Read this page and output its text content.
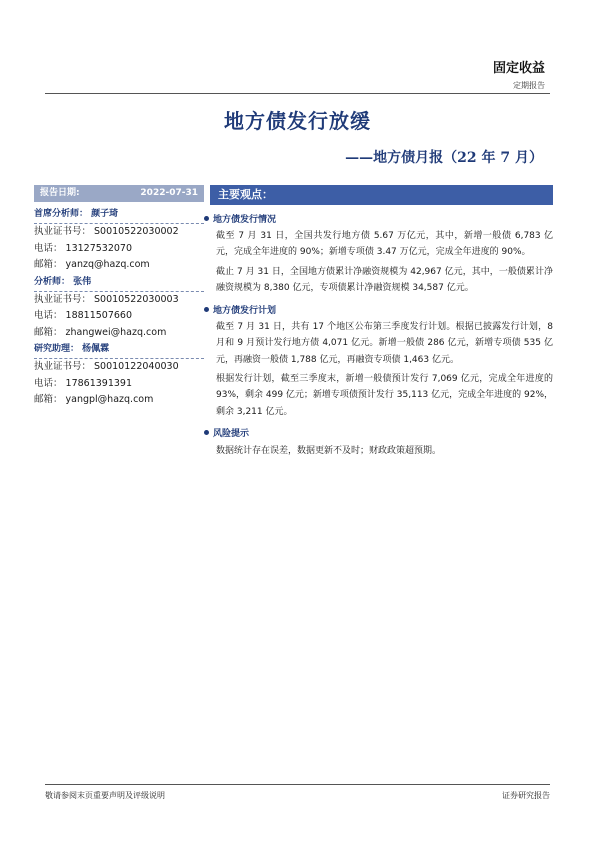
固定收益
定期报告
地方债发行放缓
——地方债月报（22 年 7 月）
报告日期:	2022-07-31
首席分析师： 颜子琦
执业证书号： S0010522030002
电话： 13127532070
邮箱： yanzq@hazq.com
分析师： 张伟
执业证书号： S0010522030003
电话： 18811507660
邮箱： zhangwei@hazq.com
研究助理： 杨佩霖
执业证书号： S0010122040030
电话： 17861391391
邮箱： yangpl@hazq.com
主要观点：
地方债发行情况
截至 7 月 31 日，全国共发行地方债 5.67 万亿元，其中，新增一般债 6,783 亿元，完成全年进度的 90%；新增专项债 3.47 万亿元，完成全年进度的 90%。
截止 7 月 31 日，全国地方债累计净融资规模为 42,967 亿元，其中，一般债累计净融资规模为 8,380 亿元，专项债累计净融资规模 34,587 亿元。
地方债发行计划
截至 7 月 31 日，共有 17 个地区公布第三季度发行计划。根据已披露发行计划，8 月和 9 月预计发行地方债 4,071 亿元。新增一般债 286 亿元，新增专项债 535 亿元，再融资一般债 1,788 亿元，再融资专项债 1,463 亿元。
根据发行计划，截至三季度末，新增一般债预计发行 7,069 亿元，完成全年进度的 93%，剩余 499 亿元；新增专项债预计发行 35,113 亿元，完成全年进度的 92%，剩余 3,211 亿元。
风险提示
数据统计存在误差，数据更新不及时；财政政策超预期。
敬请参阅末页重要声明及评级说明	证券研究报告
